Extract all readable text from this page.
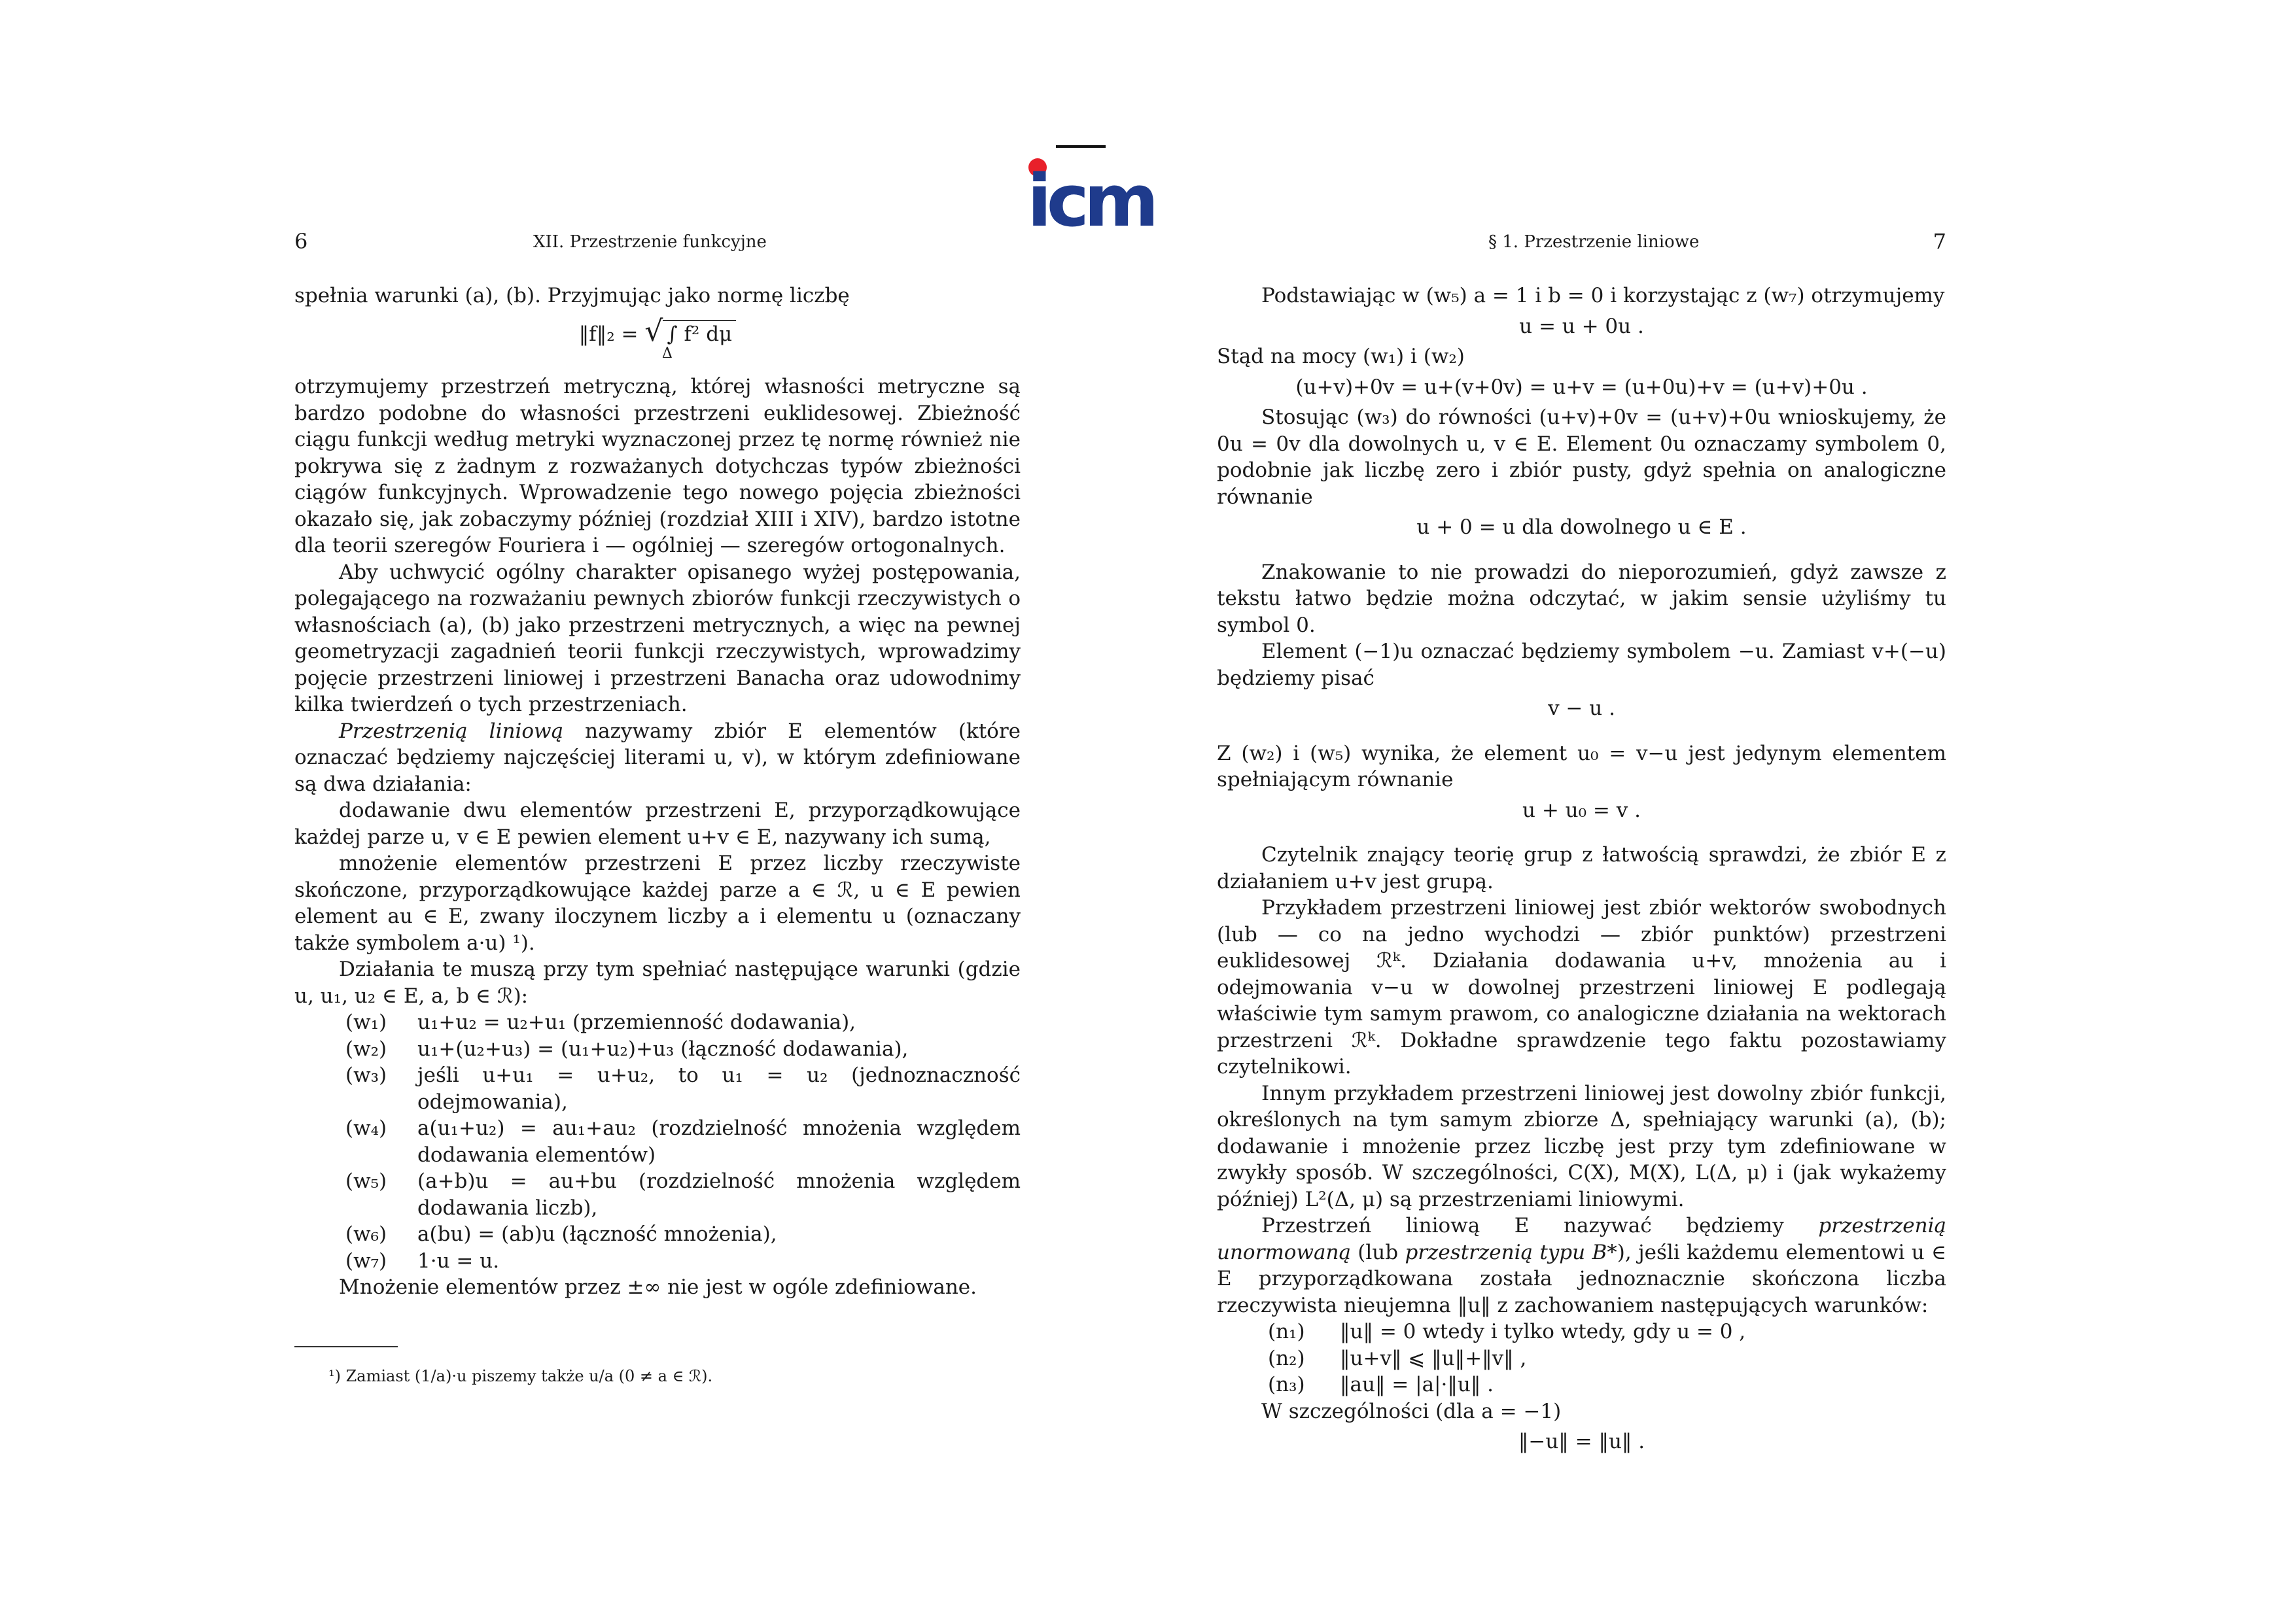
icm
6	XII. Przestrzenie funkcyjne

spełnia warunki (a), (b). Przyjmując jako normę liczbę

‖f‖₂ = √ ∫ f² dμ
Δ

otrzymujemy przestrzeń metryczną, której własności metryczne są bardzo podobne do własności przestrzeni euklidesowej. Zbieżność ciągu funkcji według metryki wyznaczonej przez tę normę również nie pokrywa się z żadnym z rozważanych dotychczas typów zbieżności ciągów funkcyjnych. Wprowadzenie tego nowego pojęcia zbieżności okazało się, jak zobaczymy później (rozdział XIII i XIV), bardzo istotne dla teorii szeregów Fouriera i — ogólniej — szeregów ortogonalnych.

Aby uchwycić ogólny charakter opisanego wyżej postępowania, polegającego na rozważaniu pewnych zbiorów funkcji rzeczywistych o własnościach (a), (b) jako przestrzeni metrycznych, a więc na pewnej geometryzacji zagadnień teorii funkcji rzeczywistych, wprowadzimy pojęcie przestrzeni liniowej i przestrzeni Banacha oraz udowodnimy kilka twierdzeń o tych przestrzeniach.

Przestrzenią liniową nazywamy zbiór E elementów (które oznaczać będziemy najczęściej literami u, v), w którym zdefiniowane są dwa działania:

dodawanie dwu elementów przestrzeni E, przyporządkowujące każdej parze u, v ∈ E pewien element u+v ∈ E, nazywany ich sumą,

mnożenie elementów przestrzeni E przez liczby rzeczywiste skończone, przyporządkowujące każdej parze a ∈ ℛ, u ∈ E pewien element au ∈ E, zwany iloczynem liczby a i elementu u (oznaczany także symbolem a·u) ¹).

Działania te muszą przy tym spełniać następujące warunki (gdzie u, u₁, u₂ ∈ E, a, b ∈ ℛ):

(w₁)	u₁+u₂ = u₂+u₁ (przemienność dodawania),
(w₂)	u₁+(u₂+u₃) = (u₁+u₂)+u₃ (łączność dodawania),
(w₃)	jeśli u+u₁ = u+u₂, to u₁ = u₂ (jednoznaczność odejmowania),
(w₄)	a(u₁+u₂) = au₁+au₂ (rozdzielność mnożenia względem dodawania elementów)
(w₅)	(a+b)u = au+bu (rozdzielność mnożenia względem dodawania liczb),
(w₆)	a(bu) = (ab)u (łączność mnożenia),
(w₇)	1·u = u.

Mnożenie elementów przez ±∞ nie jest w ogóle zdefiniowane.

¹) Zamiast (1/a)·u piszemy także u/a (0 ≠ a ∈ ℛ).
§ 1. Przestrzenie liniowe	7

Podstawiając w (w₅) a = 1 i b = 0 i korzystając z (w₇) otrzymujemy

u = u + 0u .

Stąd na mocy (w₁) i (w₂)

(u+v)+0v = u+(v+0v) = u+v = (u+0u)+v = (u+v)+0u .

Stosując (w₃) do równości (u+v)+0v = (u+v)+0u wnioskujemy, że 0u = 0v dla dowolnych u, v ∈ E. Element 0u oznaczamy symbolem 0, podobnie jak liczbę zero i zbiór pusty, gdyż spełnia on analogiczne równanie

u + 0 = u dla dowolnego u ∈ E .

Znakowanie to nie prowadzi do nieporozumień, gdyż zawsze z tekstu łatwo będzie można odczytać, w jakim sensie użyliśmy tu symbol 0.

Element (−1)u oznaczać będziemy symbolem −u. Zamiast v+(−u) będziemy pisać

v − u .

Z (w₂) i (w₅) wynika, że element u₀ = v−u jest jedynym elementem spełniającym równanie

u + u₀ = v .

Czytelnik znający teorię grup z łatwością sprawdzi, że zbiór E z działaniem u+v jest grupą.

Przykładem przestrzeni liniowej jest zbiór wektorów swobodnych (lub — co na jedno wychodzi — zbiór punktów) przestrzeni euklidesowej ℛᵏ. Działania dodawania u+v, mnożenia au i odejmowania v−u w dowolnej przestrzeni liniowej E podlegają właściwie tym samym prawom, co analogiczne działania na wektorach przestrzeni ℛᵏ. Dokładne sprawdzenie tego faktu pozostawiamy czytelnikowi.

Innym przykładem przestrzeni liniowej jest dowolny zbiór funkcji, określonych na tym samym zbiorze Δ, spełniający warunki (a), (b); dodawanie i mnożenie przez liczbę jest przy tym zdefiniowane w zwykły sposób. W szczególności, C(X), M(X), L(Δ, μ) i (jak wykażemy później) L²(Δ, μ) są przestrzeniami liniowymi.

Przestrzeń liniową E nazywać będziemy przestrzenią unormowaną (lub przestrzenią typu B*), jeśli każdemu elementowi u ∈ E przyporządkowana została jednoznacznie skończona liczba rzeczywista nieujemna ‖u‖ z zachowaniem następujących warunków:

(n₁)	‖u‖ = 0 wtedy i tylko wtedy, gdy u = 0 ,
(n₂)	‖u+v‖ ⩽ ‖u‖+‖v‖ ,
(n₃)	‖au‖ = |a|·‖u‖ .

W szczególności (dla a = −1)

‖−u‖ = ‖u‖ .
